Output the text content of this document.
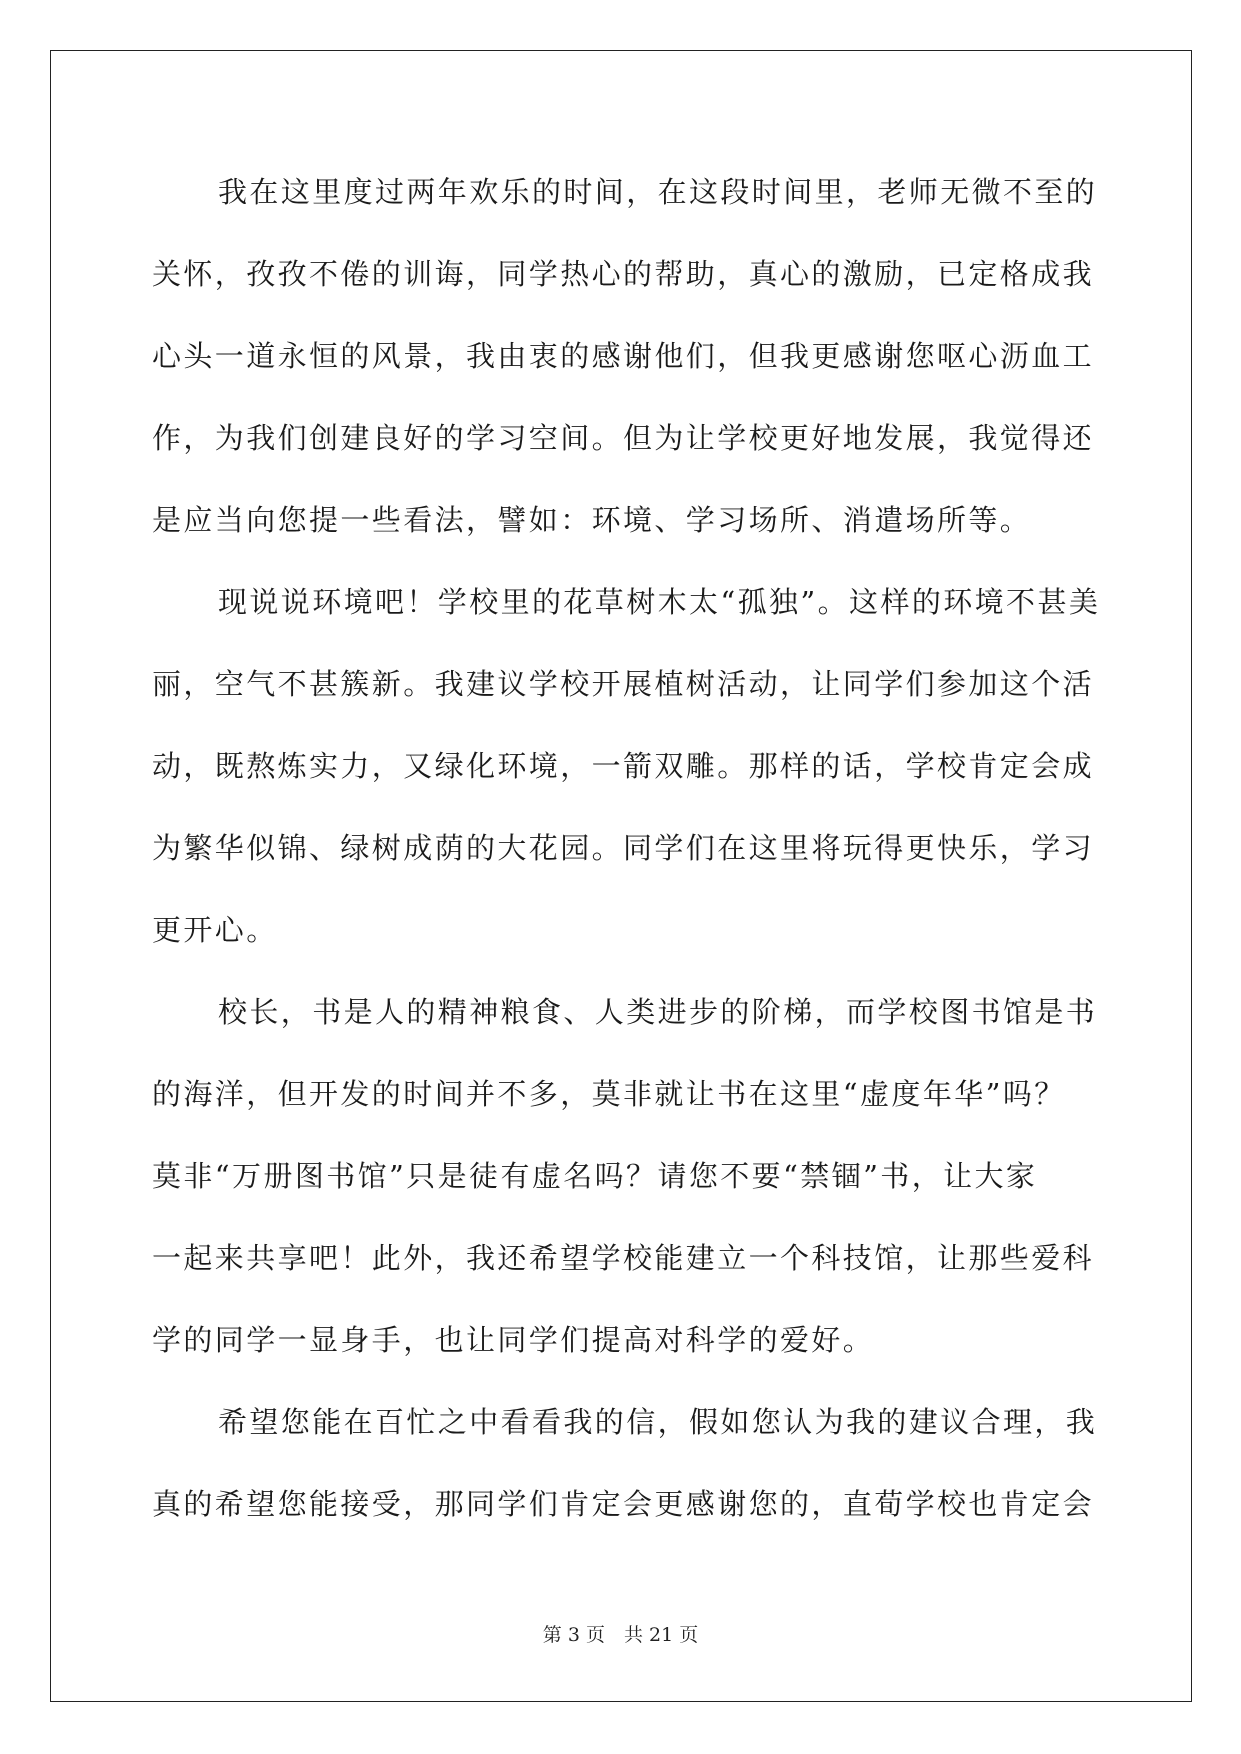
我在这里度过两年欢乐的时间，在这段时间里，老师无微不至的
关怀，孜孜不倦的训诲，同学热心的帮助，真心的激励，已定格成我
心头一道永恒的风景，我由衷的感谢他们，但我更感谢您呕心沥血工
作，为我们创建良好的学习空间。但为让学校更好地发展，我觉得还
是应当向您提一些看法，譬如：环境、学习场所、消遣场所等。
现说说环境吧！学校里的花草树木太“孤独”。这样的环境不甚美
丽，空气不甚簇新。我建议学校开展植树活动，让同学们参加这个活
动，既熬炼实力，又绿化环境，一箭双雕。那样的话，学校肯定会成
为繁华似锦、绿树成荫的大花园。同学们在这里将玩得更快乐，学习
更开心。
校长，书是人的精神粮食、人类进步的阶梯，而学校图书馆是书
的海洋，但开发的时间并不多，莫非就让书在这里“虚度年华”吗？
莫非“万册图书馆”只是徒有虚名吗？请您不要“禁锢”书，让大家
一起来共享吧！此外，我还希望学校能建立一个科技馆，让那些爱科
学的同学一显身手，也让同学们提高对科学的爱好。
希望您能在百忙之中看看我的信，假如您认为我的建议合理，我
真的希望您能接受，那同学们肯定会更感谢您的，直荀学校也肯定会
第 3 页　共 21 页
